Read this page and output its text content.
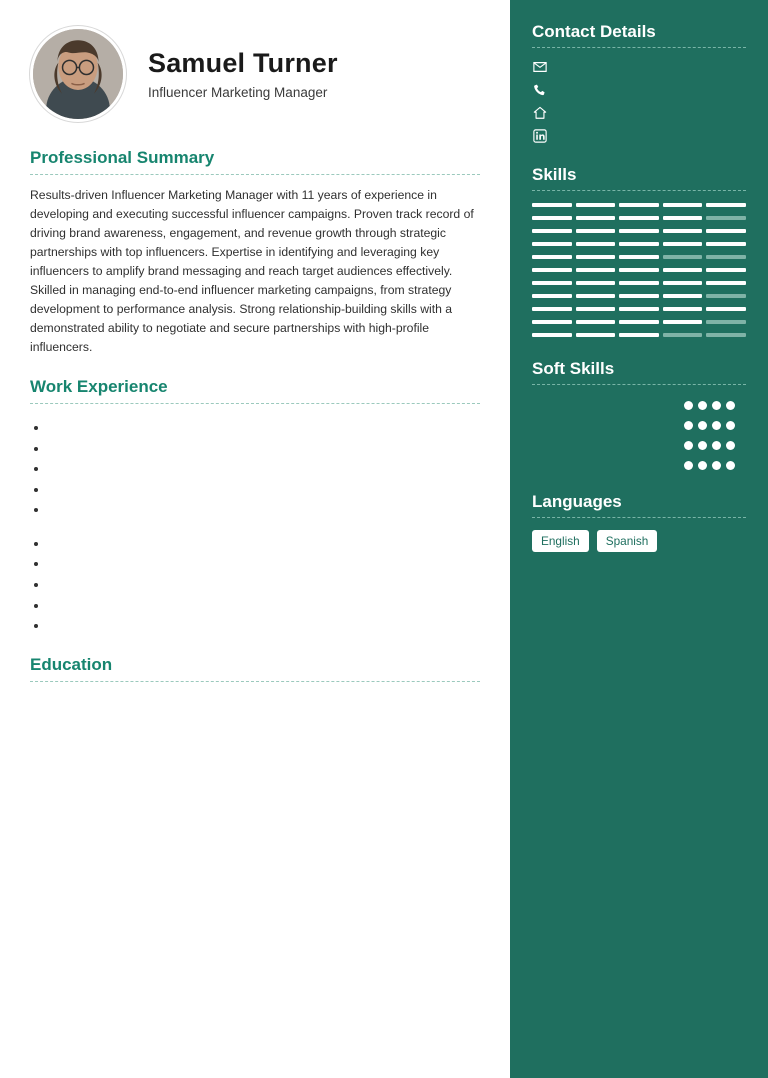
Samuel Turner
Influencer Marketing Manager
Professional Summary
Results-driven Influencer Marketing Manager with 11 years of experience in developing and executing successful influencer campaigns. Proven track record of driving brand awareness, engagement, and revenue growth through strategic partnerships with top influencers. Expertise in identifying and leveraging key influencers to amplify brand messaging and reach target audiences effectively. Skilled in managing end-to-end influencer marketing campaigns, from strategy development to performance analysis. Strong relationship-building skills with a demonstrated ability to negotiate and secure partnerships with high-profile influencers.
Work Experience
•
•
•
•
•
•
•
•
•
•
Education
Contact Details
Skills
Soft Skills
Languages
English	Spanish
